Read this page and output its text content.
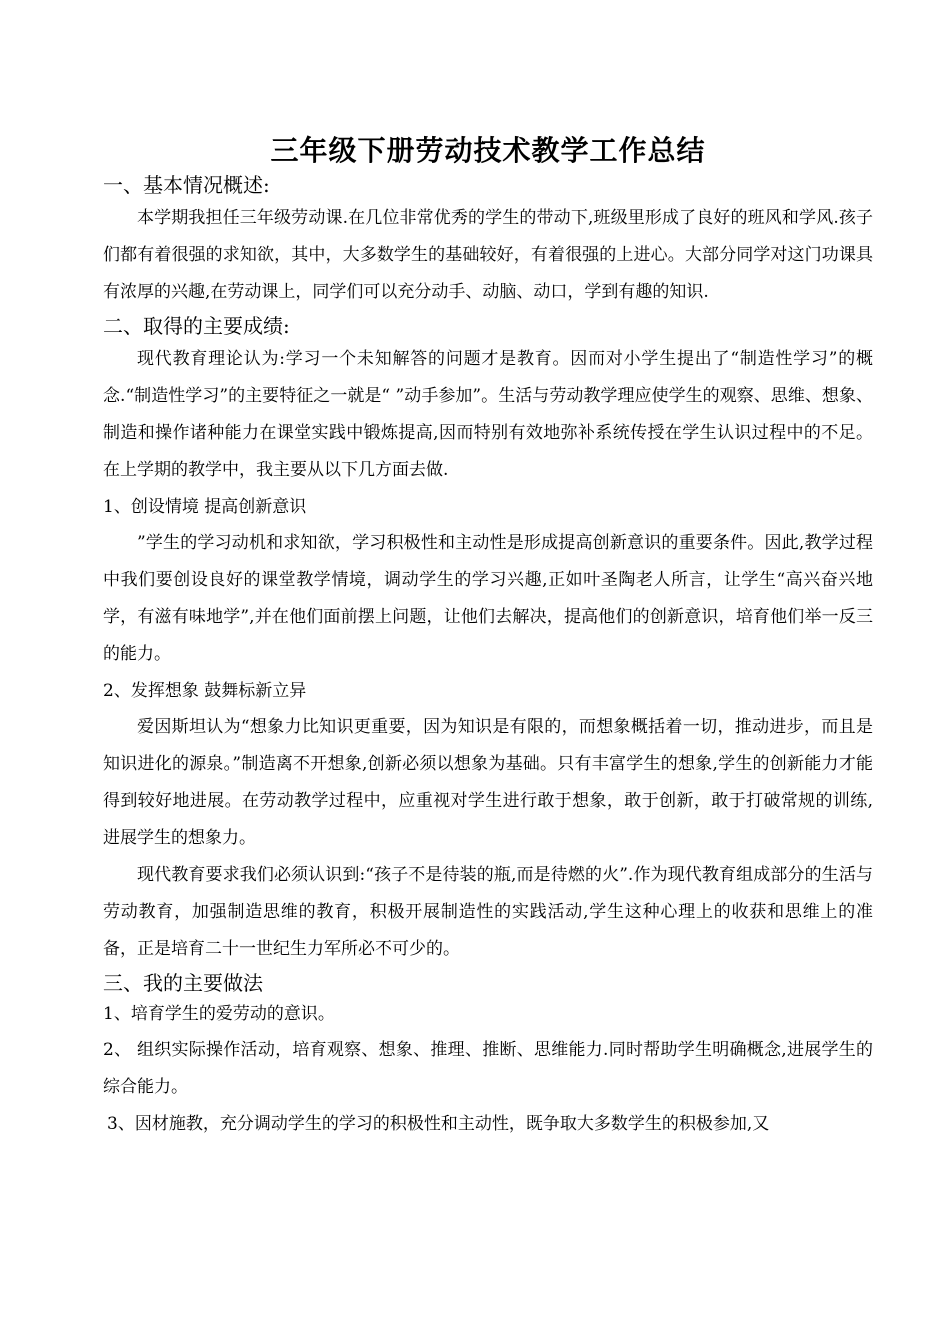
三年级下册劳动技术教学工作总结
一、基本情况概述:

本学期我担任三年级劳动课.在几位非常优秀的学生的带动下,班级里形成了良好的班风和学风.孩子们都有着很强的求知欲，其中，大多数学生的基础较好，有着很强的上进心。大部分同学对这门功课具有浓厚的兴趣,在劳动课上，同学们可以充分动手、动脑、动口，学到有趣的知识.

二、取得的主要成绩:

现代教育理论认为:学习一个未知解答的问题才是教育。因而对小学生提出了“制造性学习”的概念.“制造性学习”的主要特征之一就是“ ”动手参加”。生活与劳动教学理应使学生的观察、思维、想象、制造和操作诸种能力在课堂实践中锻炼提高,因而特别有效地弥补系统传授在学生认识过程中的不足。在上学期的教学中，我主要从以下几方面去做.

1、创设情境 提高创新意识

”学生的学习动机和求知欲，学习积极性和主动性是形成提高创新意识的重要条件。因此,教学过程中我们要创设良好的课堂教学情境，调动学生的学习兴趣,正如叶圣陶老人所言，让学生“高兴奋兴地学，有滋有味地学”,并在他们面前摆上问题，让他们去解决，提高他们的创新意识，培育他们举一反三的能力。

2、发挥想象 鼓舞标新立异

爱因斯坦认为“想象力比知识更重要，因为知识是有限的，而想象概括着一切，推动进步，而且是知识进化的源泉。”制造离不开想象,创新必须以想象为基础。只有丰富学生的想象,学生的创新能力才能得到较好地进展。在劳动教学过程中，应重视对学生进行敢于想象，敢于创新，敢于打破常规的训练,进展学生的想象力。

现代教育要求我们必须认识到:“孩子不是待装的瓶,而是待燃的火”.作为现代教育组成部分的生活与劳动教育，加强制造思维的教育，积极开展制造性的实践活动,学生这种心理上的收获和思维上的准备，正是培育二十一世纪生力军所必不可少的。

三、我的主要做法
1、培育学生的爱劳动的意识。
2、 组织实际操作活动，培育观察、想象、推理、推断、思维能力.同时帮助学生明确概念,进展学生的综合能力。
3、因材施教，充分调动学生的学习的积极性和主动性，既争取大多数学生的积极参加,又
